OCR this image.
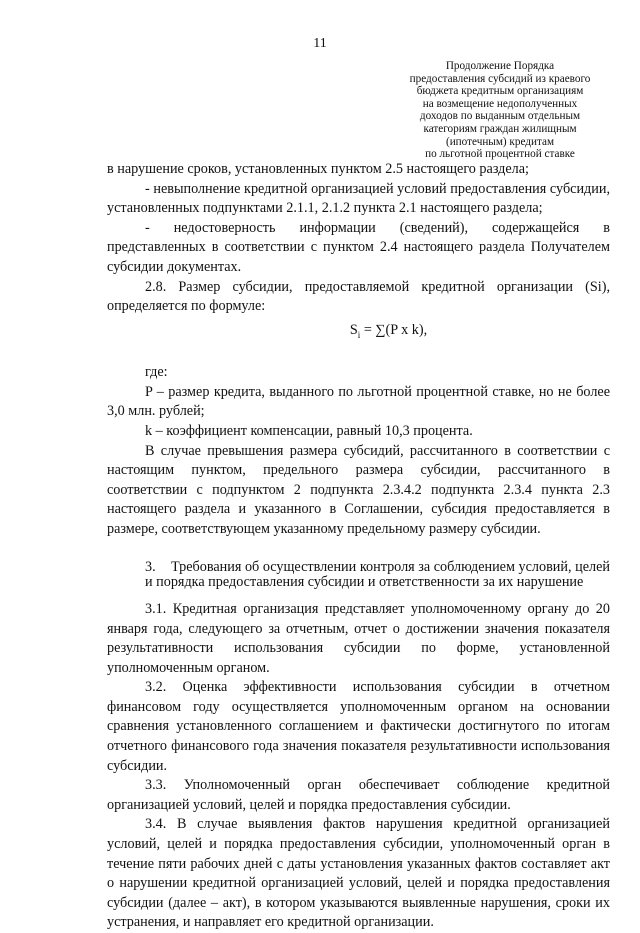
11
Продолжение Порядка
предоставления субсидий из краевого
бюджета кредитным организациям
на возмещение недополученных
доходов по выданным отдельным
категориям граждан жилищным
(ипотечным) кредитам
по льготной процентной ставке

в нарушение сроков, установленных пунктом 2.5 настоящего раздела;

- невыполнение кредитной организацией условий предоставления субсидии, установленных подпунктами 2.1.1, 2.1.2 пункта 2.1 настоящего раздела;

- недостоверность информации (сведений), содержащейся в представленных в соответствии с пунктом 2.4 настоящего раздела Получателем субсидии документах.

2.8. Размер субсидии, предоставляемой кредитной организации (Si), определяется по формуле:

$S_i = \sum(P$ x k),

где:

P – размер кредита, выданного по льготной процентной ставке, но не более 3,0 млн. рублей;

k – коэффициент компенсации, равный 10,3 процента.

В случае превышения размера субсидий, рассчитанного в соответствии с настоящим пунктом, предельного размера субсидии, рассчитанного в соответствии с подпунктом 2 подпункта 2.3.4.2 подпункта 2.3.4 пункта 2.3 настоящего раздела и указанного в Соглашении, субсидия предоставляется в размере, соответствующем указанному предельному размеру субсидии.

3. Требования об осуществлении контроля за соблюдением условий, целей и порядка предоставления субсидии и ответственности за их нарушение

3.1. Кредитная организация представляет уполномоченному органу до 20 января года, следующего за отчетным, отчет о достижении значения показателя результативности использования субсидии по форме, установленной уполномоченным органом.

3.2. Оценка эффективности использования субсидии в отчетном финансовом году осуществляется уполномоченным органом на основании сравнения установленного соглашением и фактически достигнутого по итогам отчетного финансового года значения показателя результативности использования субсидии.

3.3. Уполномоченный орган обеспечивает соблюдение кредитной организацией условий, целей и порядка предоставления субсидии.

3.4. В случае выявления фактов нарушения кредитной организацией условий, целей и порядка предоставления субсидии, уполномоченный орган в течение пяти рабочих дней с даты установления указанных фактов составляет акт о нарушении кредитной организацией условий, целей и порядка предоставления субсидии (далее – акт), в котором указываются выявленные нарушения, сроки их устранения, и направляет его кредитной организации.
